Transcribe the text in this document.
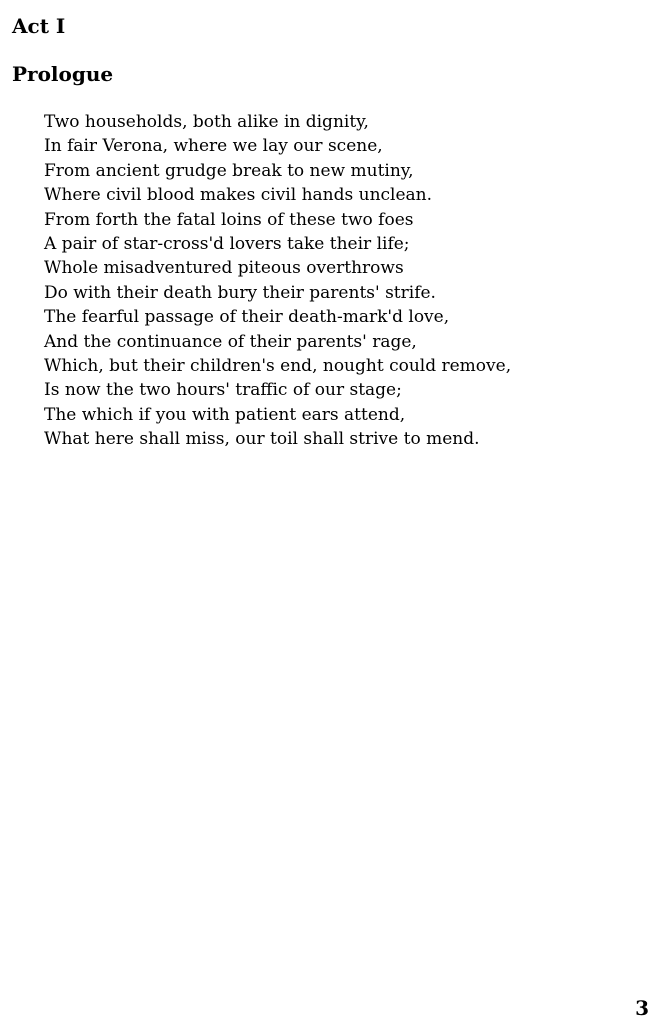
Act I
Prologue
Two households, both alike in dignity,
In fair Verona, where we lay our scene,
From ancient grudge break to new mutiny,
Where civil blood makes civil hands unclean.
From forth the fatal loins of these two foes
A pair of star-cross'd lovers take their life;
Whole misadventured piteous overthrows
Do with their death bury their parents' strife.
The fearful passage of their death-mark'd love,
And the continuance of their parents' rage,
Which, but their children's end, nought could remove,
Is now the two hours' traffic of our stage;
The which if you with patient ears attend,
What here shall miss, our toil shall strive to mend.
3
